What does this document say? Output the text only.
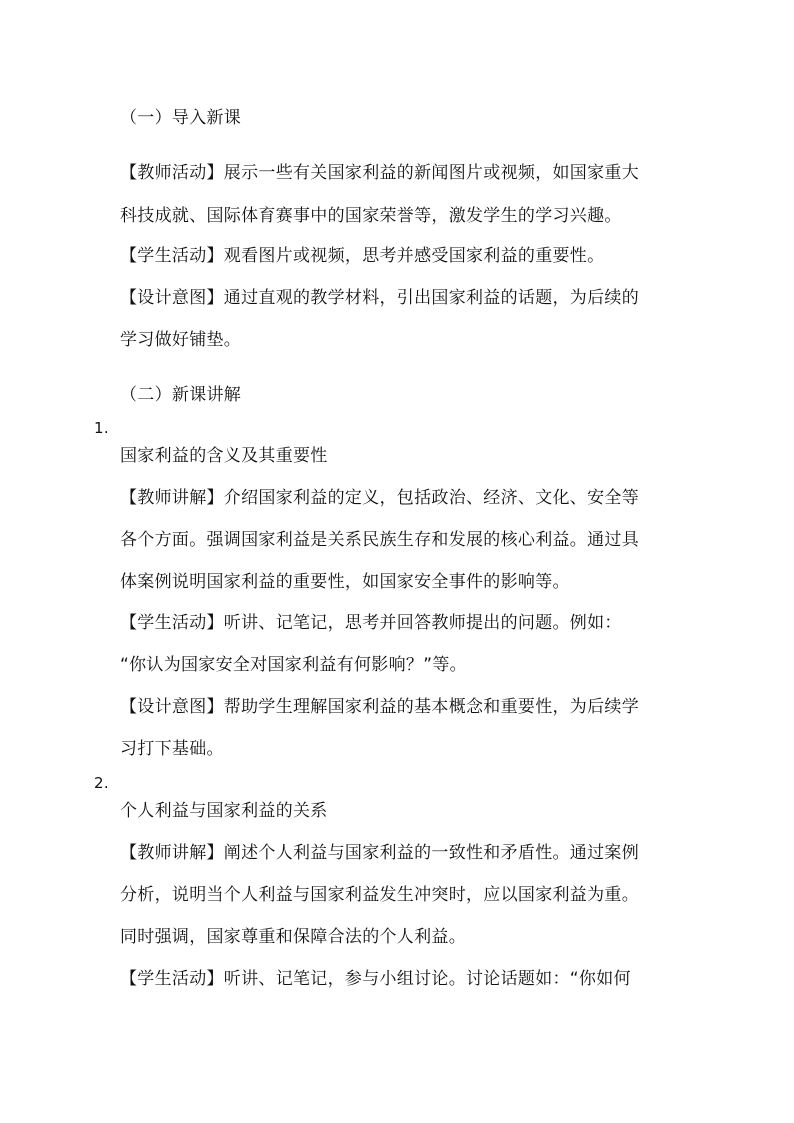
（一）导入新课
【教师活动】展示一些有关国家利益的新闻图片或视频，如国家重大
科技成就、国际体育赛事中的国家荣誉等，激发学生的学习兴趣。
【学生活动】观看图片或视频，思考并感受国家利益的重要性。
【设计意图】通过直观的教学材料，引出国家利益的话题，为后续的
学习做好铺垫。
（二）新课讲解
1.
国家利益的含义及其重要性
【教师讲解】介绍国家利益的定义，包括政治、经济、文化、安全等
各个方面。强调国家利益是关系民族生存和发展的核心利益。通过具
体案例说明国家利益的重要性，如国家安全事件的影响等。
【学生活动】听讲、记笔记，思考并回答教师提出的问题。例如：
“你认为国家安全对国家利益有何影响？”等。
【设计意图】帮助学生理解国家利益的基本概念和重要性，为后续学
习打下基础。
2.
个人利益与国家利益的关系
【教师讲解】阐述个人利益与国家利益的一致性和矛盾性。通过案例
分析，说明当个人利益与国家利益发生冲突时，应以国家利益为重。
同时强调，国家尊重和保障合法的个人利益。
【学生活动】听讲、记笔记，参与小组讨论。讨论话题如：“你如何
